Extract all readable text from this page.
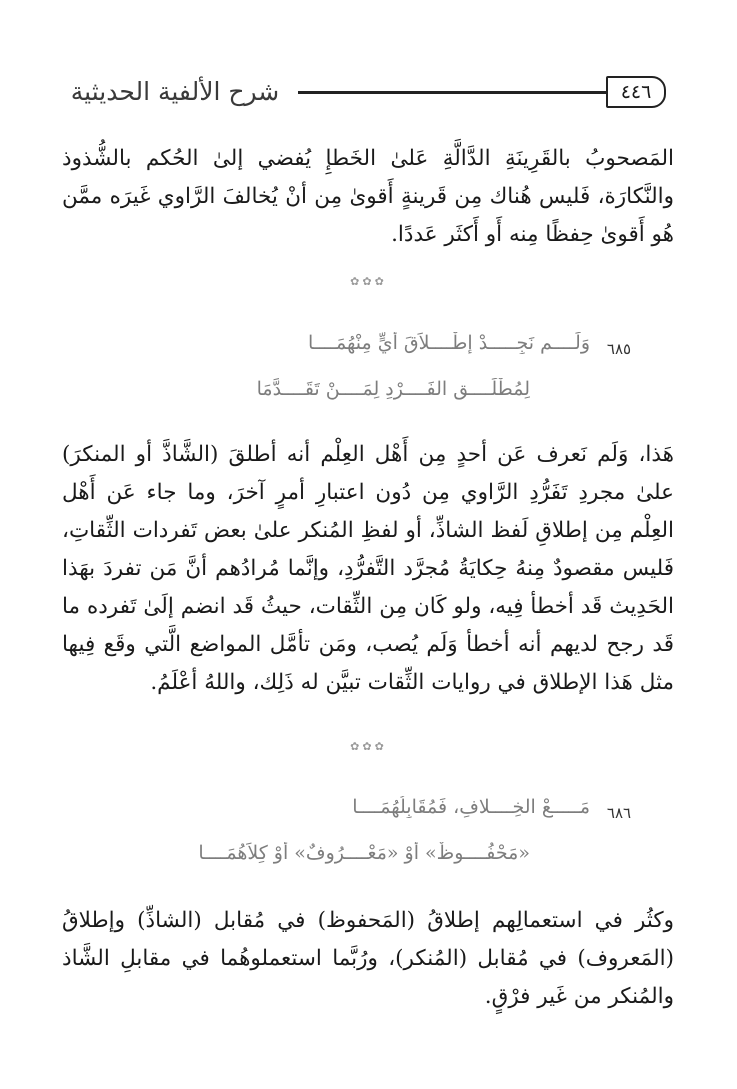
شرح الألفية الحديثية	٤٤٦

المَصحوبُ بالقَرِينَةِ الدَّالَّةِ عَلىٰ الخَطإِ يُفضي إلىٰ الحُكم بالشُّذوذ والنَّكارَة، فَليس هُناك مِن قَرينةٍ أَقوىٰ مِن أنْ يُخالفَ الرَّاوي غَيرَه ممَّن هُو أَقوىٰ حِفظًا مِنه أَو أَكثَر عَددًا.

✿✿✿
٦٨٥
وَلَــــم نَجِـــــدْ إِطْــــلاَقَ أَيٍّ مِنْهُمَــــا
لِمُطْلَــــقِ الفَــــرْدِ لِمَــــنْ تَقَــــدَّمَا

هَذا، وَلَم نَعرف عَن أحدٍ مِن أَهْل العِلْم أنه أطلقَ (الشَّاذَّ أو المنكرَ) علىٰ مجردِ تَفَرُّدِ الرَّاوي مِن دُون اعتبارِ أمرٍ آخرَ، وما جاء عَن أَهْل العِلْم مِن إطلاقِ لَفظ الشاذِّ، أو لفظِ المُنكر علىٰ بعض تَفردات الثِّقاتِ، فَليس مقصودٌ مِنهُ حِكايَةُ مُجرَّد التَّفرُّدِ، وإنَّما مُرادُهم أنَّ مَن تفردَ بهَذا الحَدِيث قَد أخطأ فِيه، ولو كَان مِن الثِّقات، حيثُ قَد انضم إلَىٰ تَفرده ما قَد رجح لديهم أنه أخطأ وَلَم يُصب، ومَن تأمَّل المواضع الَّتي وقَع فِيها مثل هَذا الإطلاق في روايات الثِّقات تبيَّن له ذَلِك، واللهُ أعْلَمُ.

✿✿✿
٦٨٦
مَـــــعْ الخِــــلافِ، فَمُقَابِلُهُمَــــا
«مَحْفُــــوظٌ» أوْ «مَعْــــرُوفٌ» أوْ كِلاَهُمَــــا

وكثُر في استعمالِهم إطلاقُ (المَحفوظ) في مُقابل (الشاذِّ) وإطلاقُ (المَعروف) في مُقابل (المُنكر)، ورُبَّما استعملوهُما في مقابلِ الشَّاذ والمُنكر من غَير فرْقٍ.
